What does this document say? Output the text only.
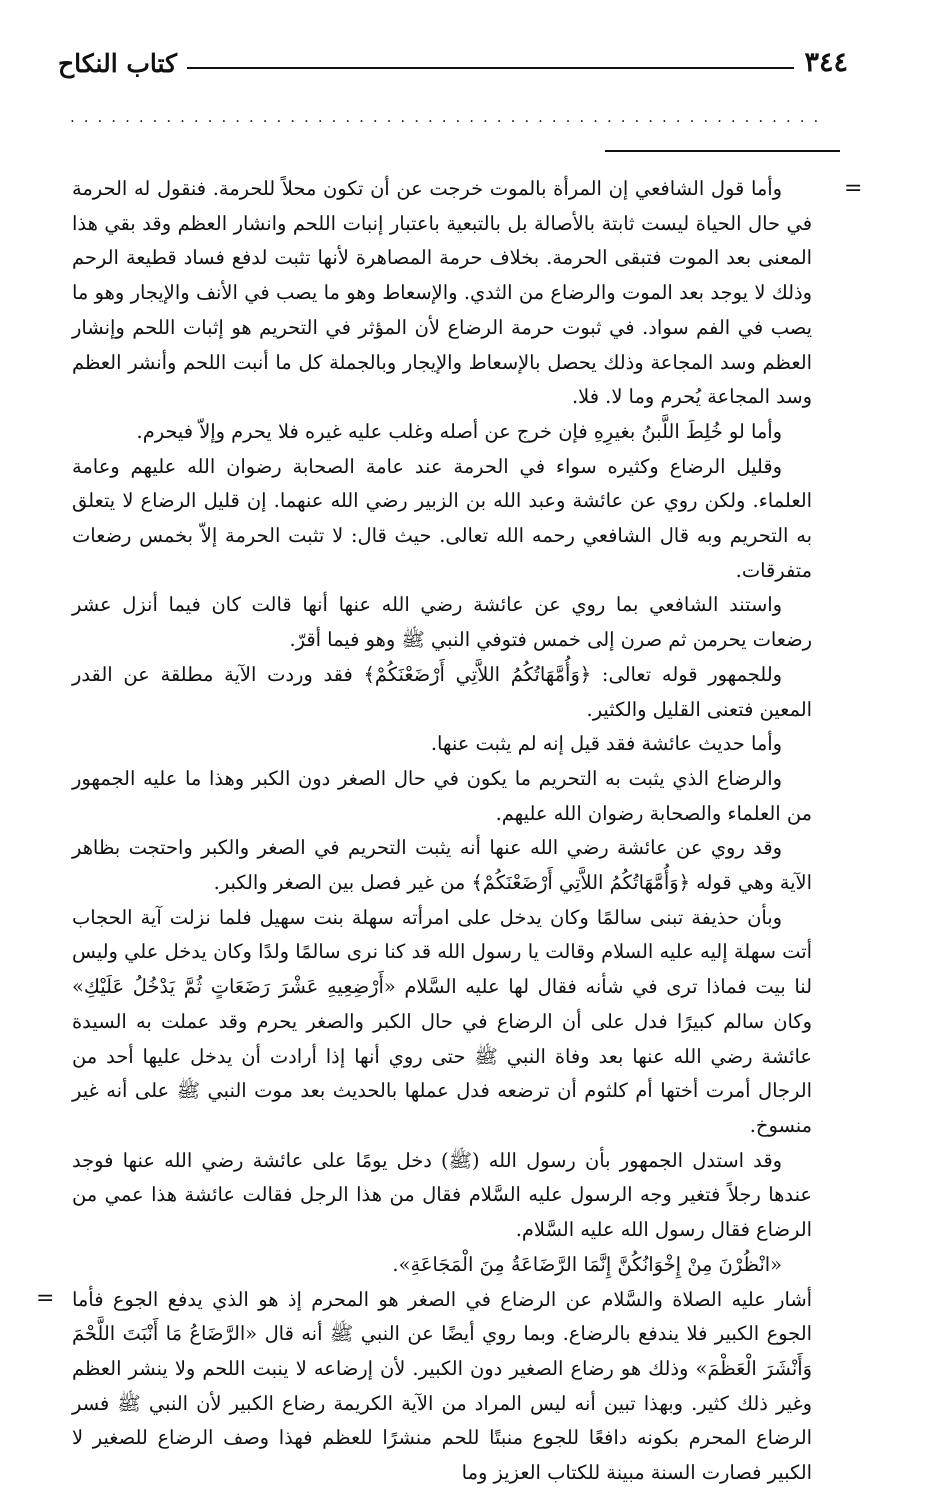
٣٤٤
كتاب النكاح
.......................................................
=
=

وأما قول الشافعي إن المرأة بالموت خرجت عن أن تكون محلاً للحرمة. فنقول له الحرمة في حال الحياة ليست ثابتة بالأصالة بل بالتبعية باعتبار إنبات اللحم وانشار العظم وقد بقي هذا المعنى بعد الموت فتبقى الحرمة. بخلاف حرمة المصاهرة لأنها تثبت لدفع فساد قطيعة الرحم وذلك لا يوجد بعد الموت والرضاع من الثدي. والإسعاط وهو ما يصب في الأنف والإيجار وهو ما يصب في الفم سواد. في ثبوت حرمة الرضاع لأن المؤثر في التحريم هو إثبات اللحم وإنشار العظم وسد المجاعة وذلك يحصل بالإسعاط والإيجار وبالجملة كل ما أنبت اللحم وأنشر العظم وسد المجاعة يُحرم وما لا. فلا.

وأما لو خُلِطَ اللَّبنُ بغيرِهِ فإن خرج عن أصله وغلب عليه غيره فلا يحرم وإلاّ فيحرم.

وقليل الرضاع وكثيره سواء في الحرمة عند عامة الصحابة رضوان الله عليهم وعامة العلماء. ولكن روي عن عائشة وعبد الله بن الزبير رضي الله عنهما. إن قليل الرضاع لا يتعلق به التحريم وبه قال الشافعي رحمه الله تعالى. حيث قال: لا تثبت الحرمة إلاّ بخمس رضعات متفرقات.

واستند الشافعي بما روي عن عائشة رضي الله عنها أنها قالت كان فيما أنزل عشر رضعات يحرمن ثم صرن إلى خمس فتوفي النبي ﷺ وهو فيما أقرّ.

وللجمهور قوله تعالى: ﴿وَأُمَّهَاتُكُمُ اللاَّتِي أَرْضَعْنَكُمْ﴾ فقد وردت الآية مطلقة عن القدر المعين فتعنى القليل والكثير.

وأما حديث عائشة فقد قيل إنه لم يثبت عنها.

والرضاع الذي يثبت به التحريم ما يكون في حال الصغر دون الكبر وهذا ما عليه الجمهور من العلماء والصحابة رضوان الله عليهم.

وقد روي عن عائشة رضي الله عنها أنه يثبت التحريم في الصغر والكبر واحتجت بظاهر الآية وهي قوله ﴿وَأُمَّهَاتُكُمُ اللاَّتِي أَرْضَعْنَكُمْ﴾ من غير فصل بين الصغر والكبر.

وبأن حذيفة تبنى سالمًا وكان يدخل على امرأته سهلة بنت سهيل فلما نزلت آية الحجاب أتت سهلة إليه عليه السلام وقالت يا رسول الله قد كنا نرى سالمًا ولدًا وكان يدخل علي وليس لنا بيت فماذا ترى في شأنه فقال لها عليه السَّلام «أَرْضِعِيهِ عَشْرَ رَضَعَاتٍ ثُمَّ يَدْخُلُ عَلَيْكِ» وكان سالم كبيرًا فدل على أن الرضاع في حال الكبر والصغر يحرم وقد عملت به السيدة عائشة رضي الله عنها بعد وفاة النبي ﷺ حتى روي أنها إذا أرادت أن يدخل عليها أحد من الرجال أمرت أختها أم كلثوم أن ترضعه فدل عملها بالحديث بعد موت النبي ﷺ على أنه غير منسوخ.

وقد استدل الجمهور بأن رسول الله (ﷺ) دخل يومًا على عائشة رضي الله عنها فوجد عندها رجلاً فتغير وجه الرسول عليه السَّلام فقال من هذا الرجل فقالت عائشة هذا عمي من الرضاع فقال رسول الله عليه السَّلام.

«انْظُرْنَ مِنْ إِخْوَانُكُنَّ إِنَّمَا الرَّضَاعَةُ مِنَ الْمَجَاعَةِ».

أشار عليه الصلاة والسَّلام عن الرضاع في الصغر هو المحرم إذ هو الذي يدفع الجوع فأما الجوع الكبير فلا يندفع بالرضاع. وبما روي أيضًا عن النبي ﷺ أنه قال «الرَّضَاعُ مَا أَنْبَتَ اللَّحْمَ وَأَنْشَرَ الْعَظْمَ» وذلك هو رضاع الصغير دون الكبير. لأن إرضاعه لا ينبت اللحم ولا ينشر العظم وغير ذلك كثير. وبهذا تبين أنه ليس المراد من الآية الكريمة رضاع الكبير لأن النبي ﷺ فسر الرضاع المحرم بكونه دافعًا للجوع منبتًا للحم منشرًا للعظم فهذا وصف الرضاع للصغير لا الكبير فصارت السنة مبينة للكتاب العزيز وما
